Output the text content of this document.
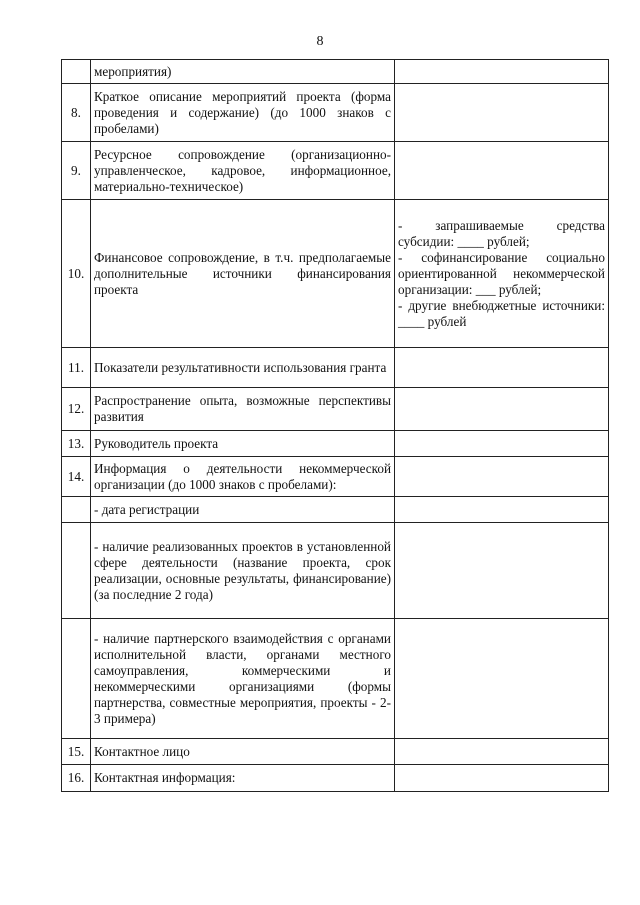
8
	мероприятия)	
8.	Краткое описание мероприятий проекта (форма проведения и содержание) (до 1000 знаков с пробелами)	
9.	Ресурсное сопровождение (организационно-управленческое, кадровое, информационное, материально-техническое)	
10.	Финансовое сопровождение, в т.ч. предполагаемые дополнительные источники финансирования проекта	- запрашиваемые средства субсидии: ____ рублей;
- софинансирование социально ориентированной некоммерческой организации: ___ рублей;
- другие внебюджетные источники: ____ рублей

11.	Показатели результативности использования гранта	
12.	Распространение опыта, возможные перспективы развития	
13.	Руководитель проекта	
14.	Информация о деятельности некоммерческой организации (до 1000 знаков с пробелами):	
	- дата регистрации	
	- наличие реализованных проектов в установленной сфере деятельности (название проекта, срок реализации, основные результаты, финансирование) (за последние 2 года)	
	- наличие партнерского взаимодействия с органами исполнительной власти, органами местного самоуправления, коммерческими и некоммерческими организациями (формы партнерства, совместные мероприятия, проекты - 2-3 примера)	
15.	Контактное лицо	
16.	Контактная информация:	
